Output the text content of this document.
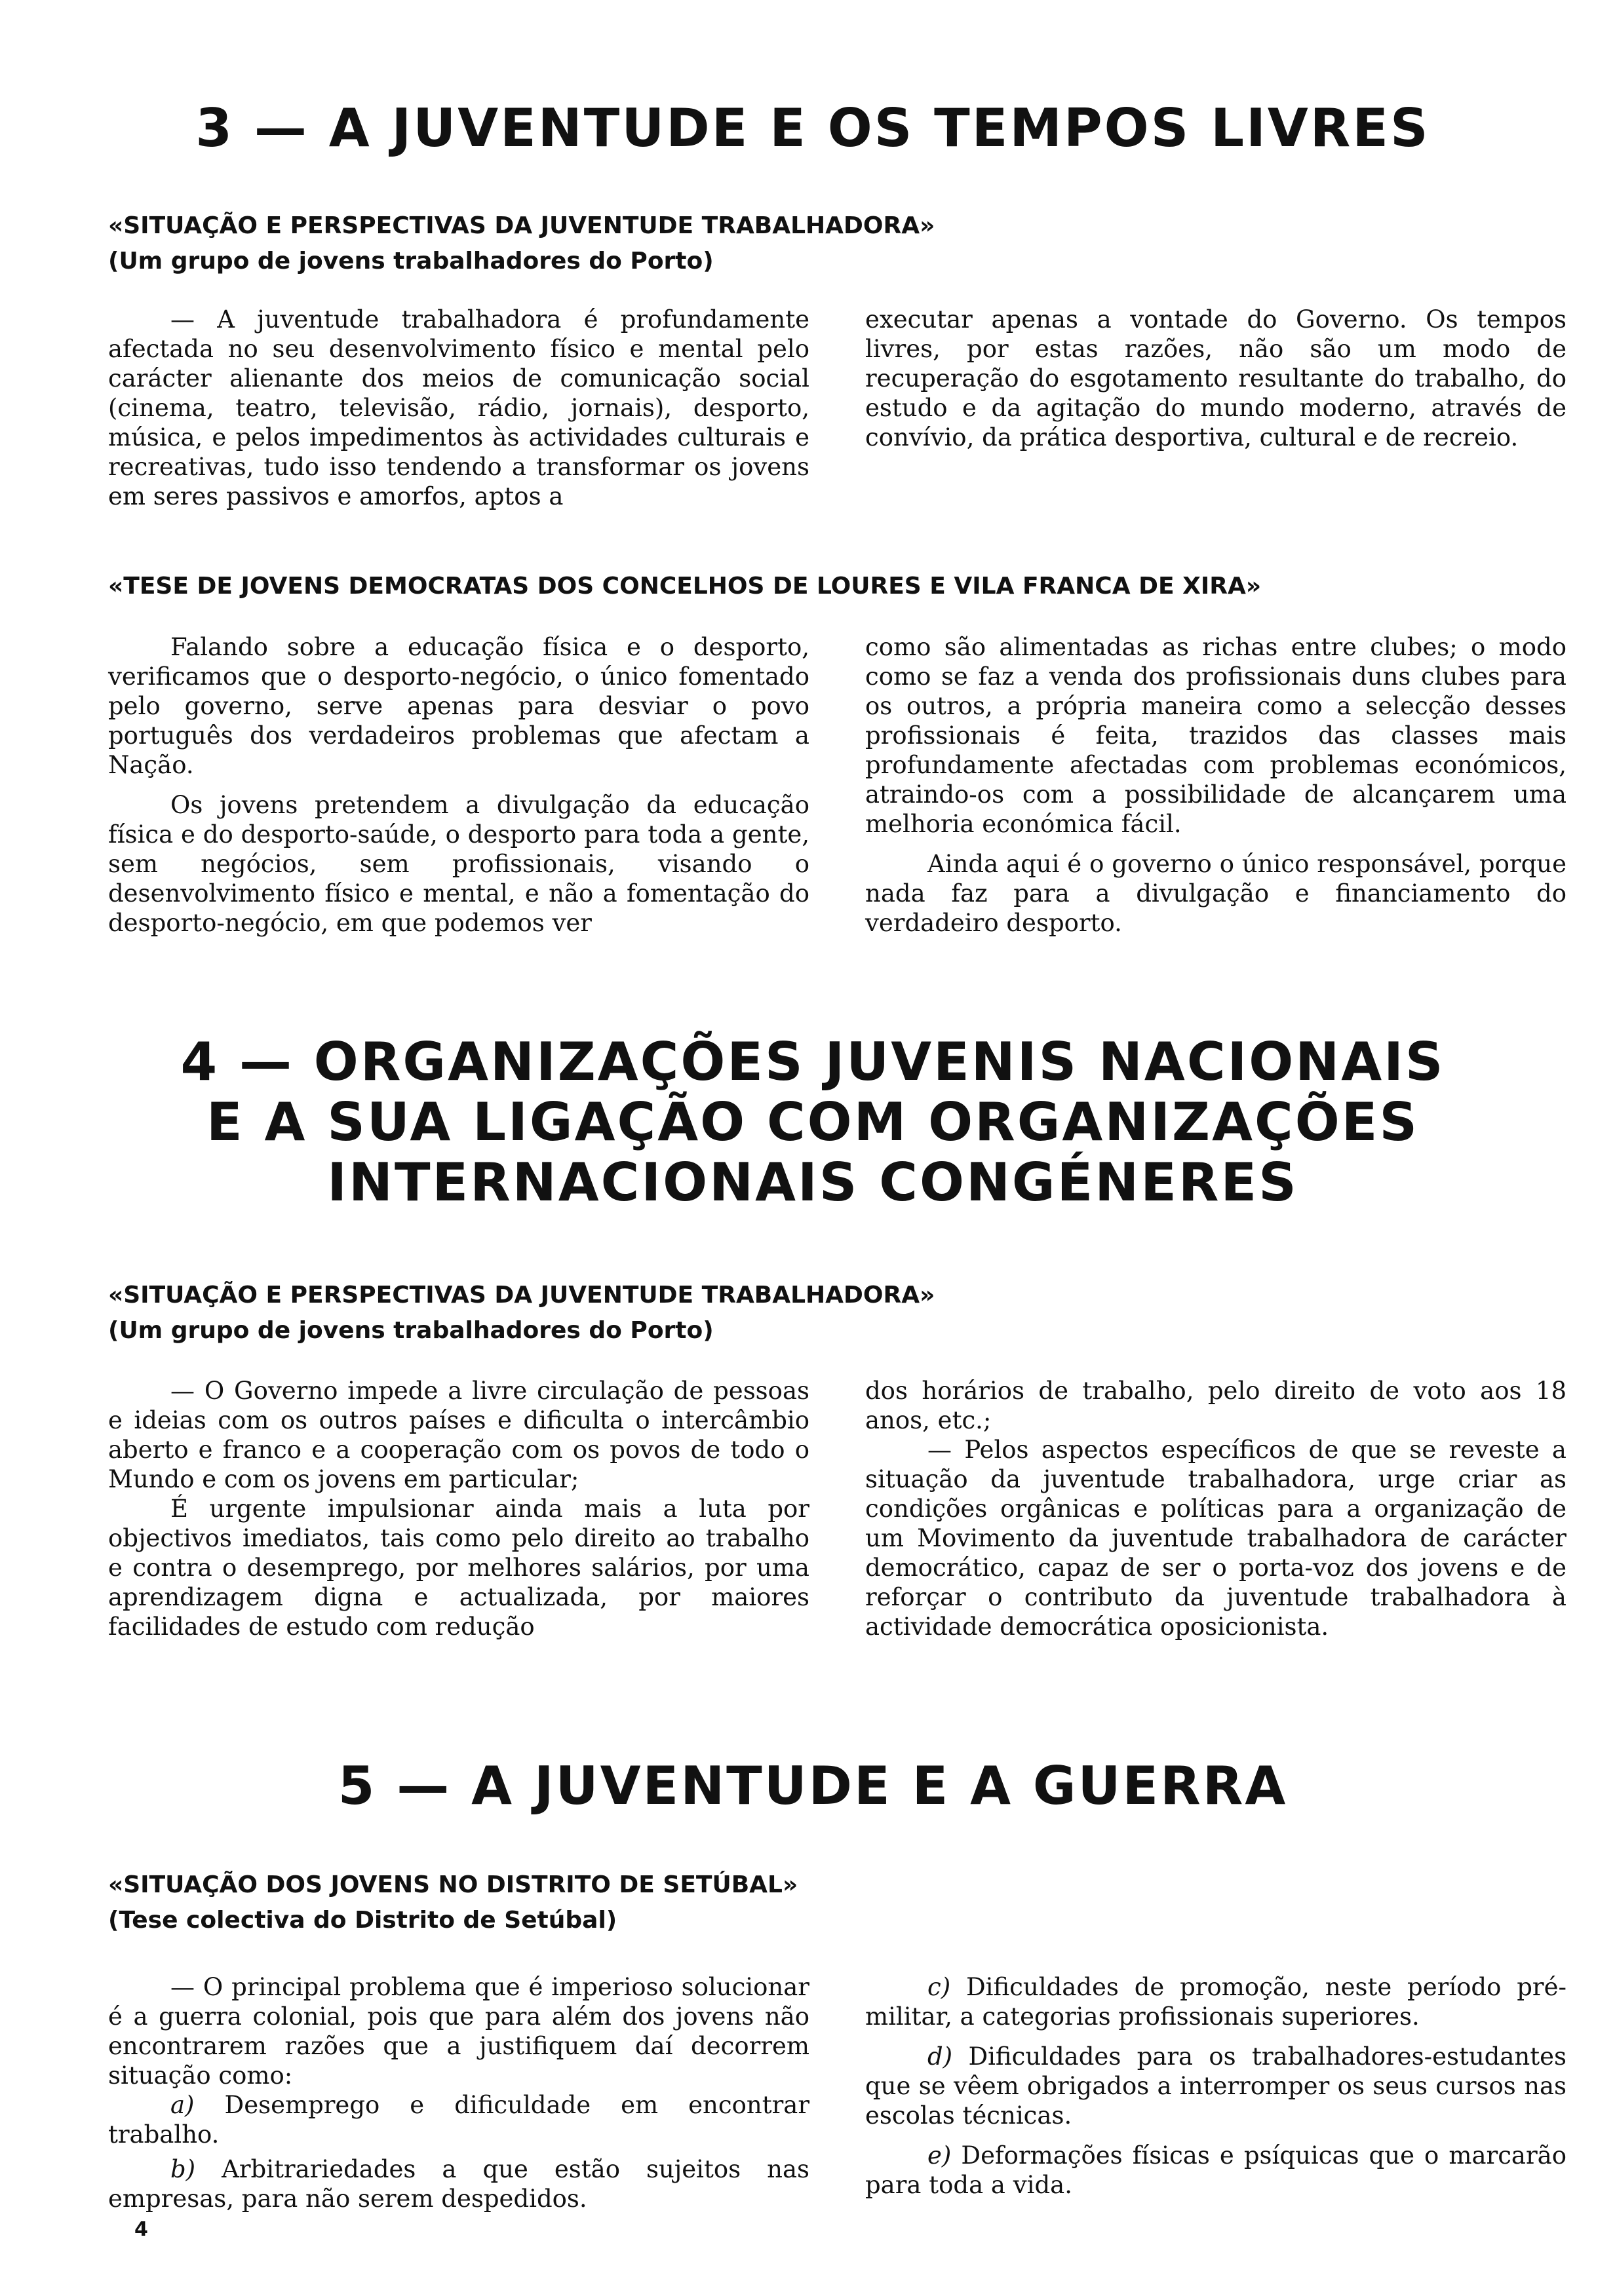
3 — A JUVENTUDE E OS TEMPOS LIVRES
«SITUAÇÃO E PERSPECTIVAS DA JUVENTUDE TRABALHADORA»
(Um grupo de jovens trabalhadores do Porto)

— A juventude trabalhadora é profundamente afectada no seu desenvolvimento físico e mental pelo carácter alienante dos meios de comunicação social (cinema, teatro, televisão, rádio, jornais), desporto, música, e pelos impedimentos às actividades culturais e recreativas, tudo isso tendendo a transformar os jovens em seres passivos e amorfos, aptos a

executar apenas a vontade do Governo. Os tempos livres, por estas razões, não são um modo de recuperação do esgotamento resultante do trabalho, do estudo e da agitação do mundo moderno, através de convívio, da prática desportiva, cultural e de recreio.

«TESE DE JOVENS DEMOCRATAS DOS CONCELHOS DE LOURES E VILA FRANCA DE XIRA»

Falando sobre a educação física e o desporto, verificamos que o desporto-negócio, o único fomentado pelo governo, serve apenas para desviar o povo português dos verdadeiros problemas que afectam a Nação.

Os jovens pretendem a divulgação da educação física e do desporto-saúde, o desporto para toda a gente, sem negócios, sem profissionais, visando o desenvolvimento físico e mental, e não a fomentação do desporto-negócio, em que podemos ver

como são alimentadas as richas entre clubes; o modo como se faz a venda dos profissionais duns clubes para os outros, a própria maneira como a selecção desses profissionais é feita, trazidos das classes mais profundamente afectadas com problemas económicos, atraindo-os com a possibilidade de alcançarem uma melhoria económica fácil.

Ainda aqui é o governo o único responsável, porque nada faz para a divulgação e financiamento do verdadeiro desporto.

4 — ORGANIZAÇÕES JUVENIS NACIONAIS
E A SUA LIGAÇÃO COM ORGANIZAÇÕES
INTERNACIONAIS CONGÉNERES
«SITUAÇÃO E PERSPECTIVAS DA JUVENTUDE TRABALHADORA»
(Um grupo de jovens trabalhadores do Porto)

— O Governo impede a livre circulação de pessoas e ideias com os outros países e dificulta o intercâmbio aberto e franco e a cooperação com os povos de todo o Mundo e com os jovens em particular;

É urgente impulsionar ainda mais a luta por objectivos imediatos, tais como pelo direito ao trabalho e contra o desemprego, por melhores salários, por uma aprendizagem digna e actualizada, por maiores facilidades de estudo com redução

dos horários de trabalho, pelo direito de voto aos 18 anos, etc.;

— Pelos aspectos específicos de que se reveste a situação da juventude trabalhadora, urge criar as condições orgânicas e políticas para a organização de um Movimento da juventude trabalhadora de carácter democrático, capaz de ser o porta-voz dos jovens e de reforçar o contributo da juventude trabalhadora à actividade democrática oposicionista.

5 — A JUVENTUDE E A GUERRA
«SITUAÇÃO DOS JOVENS NO DISTRITO DE SETÚBAL»
(Tese colectiva do Distrito de Setúbal)

— O principal problema que é imperioso solucionar é a guerra colonial, pois que para além dos jovens não encontrarem razões que a justifiquem daí decorrem situação como:

a) Desemprego e dificuldade em encontrar trabalho.

b) Arbitrariedades a que estão sujeitos nas empresas, para não serem despedidos.

c) Dificuldades de promoção, neste período pré-militar, a categorias profissionais superiores.

d) Dificuldades para os trabalhadores-estudantes que se vêem obrigados a interromper os seus cursos nas escolas técnicas.

e) Deformações físicas e psíquicas que o marcarão para toda a vida.

4
